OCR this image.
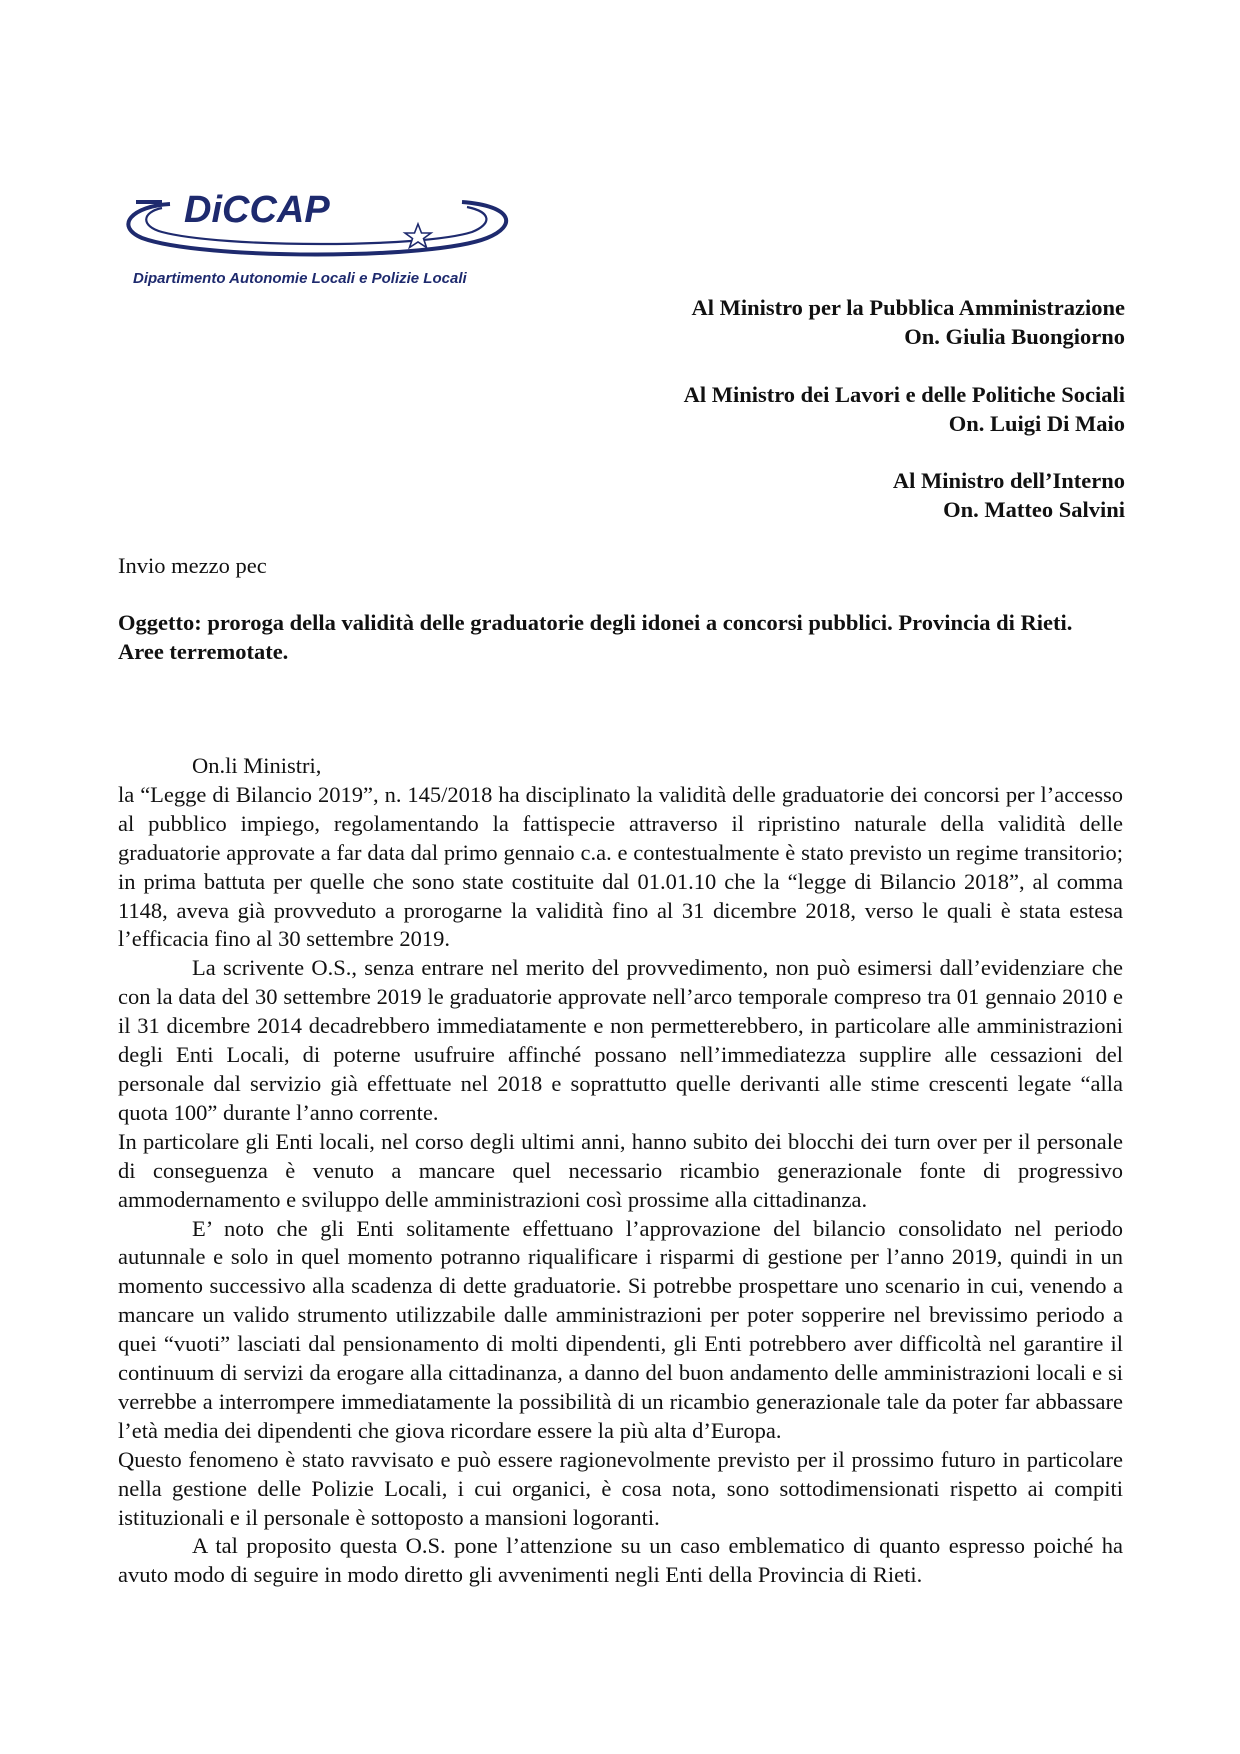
DiCCAP
Dipartimento Autonomie Locali e Polizie Locali
Al Ministro per la Pubblica Amministrazione
On. Giulia Buongiorno
Al Ministro dei Lavori e delle Politiche Sociali
On. Luigi Di Maio
Al Ministro dell’Interno
On. Matteo Salvini
Invio mezzo pec
Oggetto: proroga della validità delle graduatorie degli idonei a concorsi pubblici. Provincia di Rieti. Aree terremotate.

On.li Ministri,

la “Legge di Bilancio 2019”, n. 145/2018 ha disciplinato la validità delle graduatorie dei concorsi per l’accesso al pubblico impiego, regolamentando la fattispecie attraverso il ripristino naturale della validità delle graduatorie approvate a far data dal primo gennaio c.a. e contestualmente è stato previsto un regime transitorio; in prima battuta per quelle che sono state costituite dal 01.01.10 che la “legge di Bilancio 2018”, al comma 1148, aveva già provveduto a prorogarne la validità fino al 31 dicembre 2018, verso le quali è stata estesa l’efficacia fino al 30 settembre 2019.

La scrivente O.S., senza entrare nel merito del provvedimento, non può esimersi dall’evidenziare che con la data del 30 settembre 2019 le graduatorie approvate nell’arco temporale compreso tra 01 gennaio 2010 e il 31 dicembre 2014 decadrebbero immediatamente e non permetterebbero, in particolare alle amministrazioni degli Enti Locali, di poterne usufruire affinché possano nell’immediatezza supplire alle cessazioni del personale dal servizio già effettuate nel 2018 e soprattutto quelle derivanti alle stime crescenti legate “alla quota 100” durante l’anno corrente.

In particolare gli Enti locali, nel corso degli ultimi anni, hanno subito dei blocchi dei turn over per il personale di conseguenza è venuto a mancare quel necessario ricambio generazionale fonte di progressivo ammodernamento e sviluppo delle amministrazioni così prossime alla cittadinanza.

E’ noto che gli Enti solitamente effettuano l’approvazione del bilancio consolidato nel periodo autunnale e solo in quel momento potranno riqualificare i risparmi di gestione per l’anno 2019, quindi in un momento successivo alla scadenza di dette graduatorie. Si potrebbe prospettare uno scenario in cui, venendo a mancare un valido strumento utilizzabile dalle amministrazioni per poter sopperire nel brevissimo periodo a quei “vuoti” lasciati dal pensionamento di molti dipendenti, gli Enti potrebbero aver difficoltà nel garantire il continuum di servizi da erogare alla cittadinanza, a danno del buon andamento delle amministrazioni locali e si verrebbe a interrompere immediatamente la possibilità di un ricambio generazionale tale da poter far abbassare l’età media dei dipendenti che giova ricordare essere la più alta d’Europa.

Questo fenomeno è stato ravvisato e può essere ragionevolmente previsto per il prossimo futuro in particolare nella gestione delle Polizie Locali, i cui organici, è cosa nota, sono sottodimensionati rispetto ai compiti istituzionali e il personale è sottoposto a mansioni logoranti.

A tal proposito questa O.S. pone l’attenzione su un caso emblematico di quanto espresso poiché ha avuto modo di seguire in modo diretto gli avvenimenti negli Enti della Provincia di Rieti.
